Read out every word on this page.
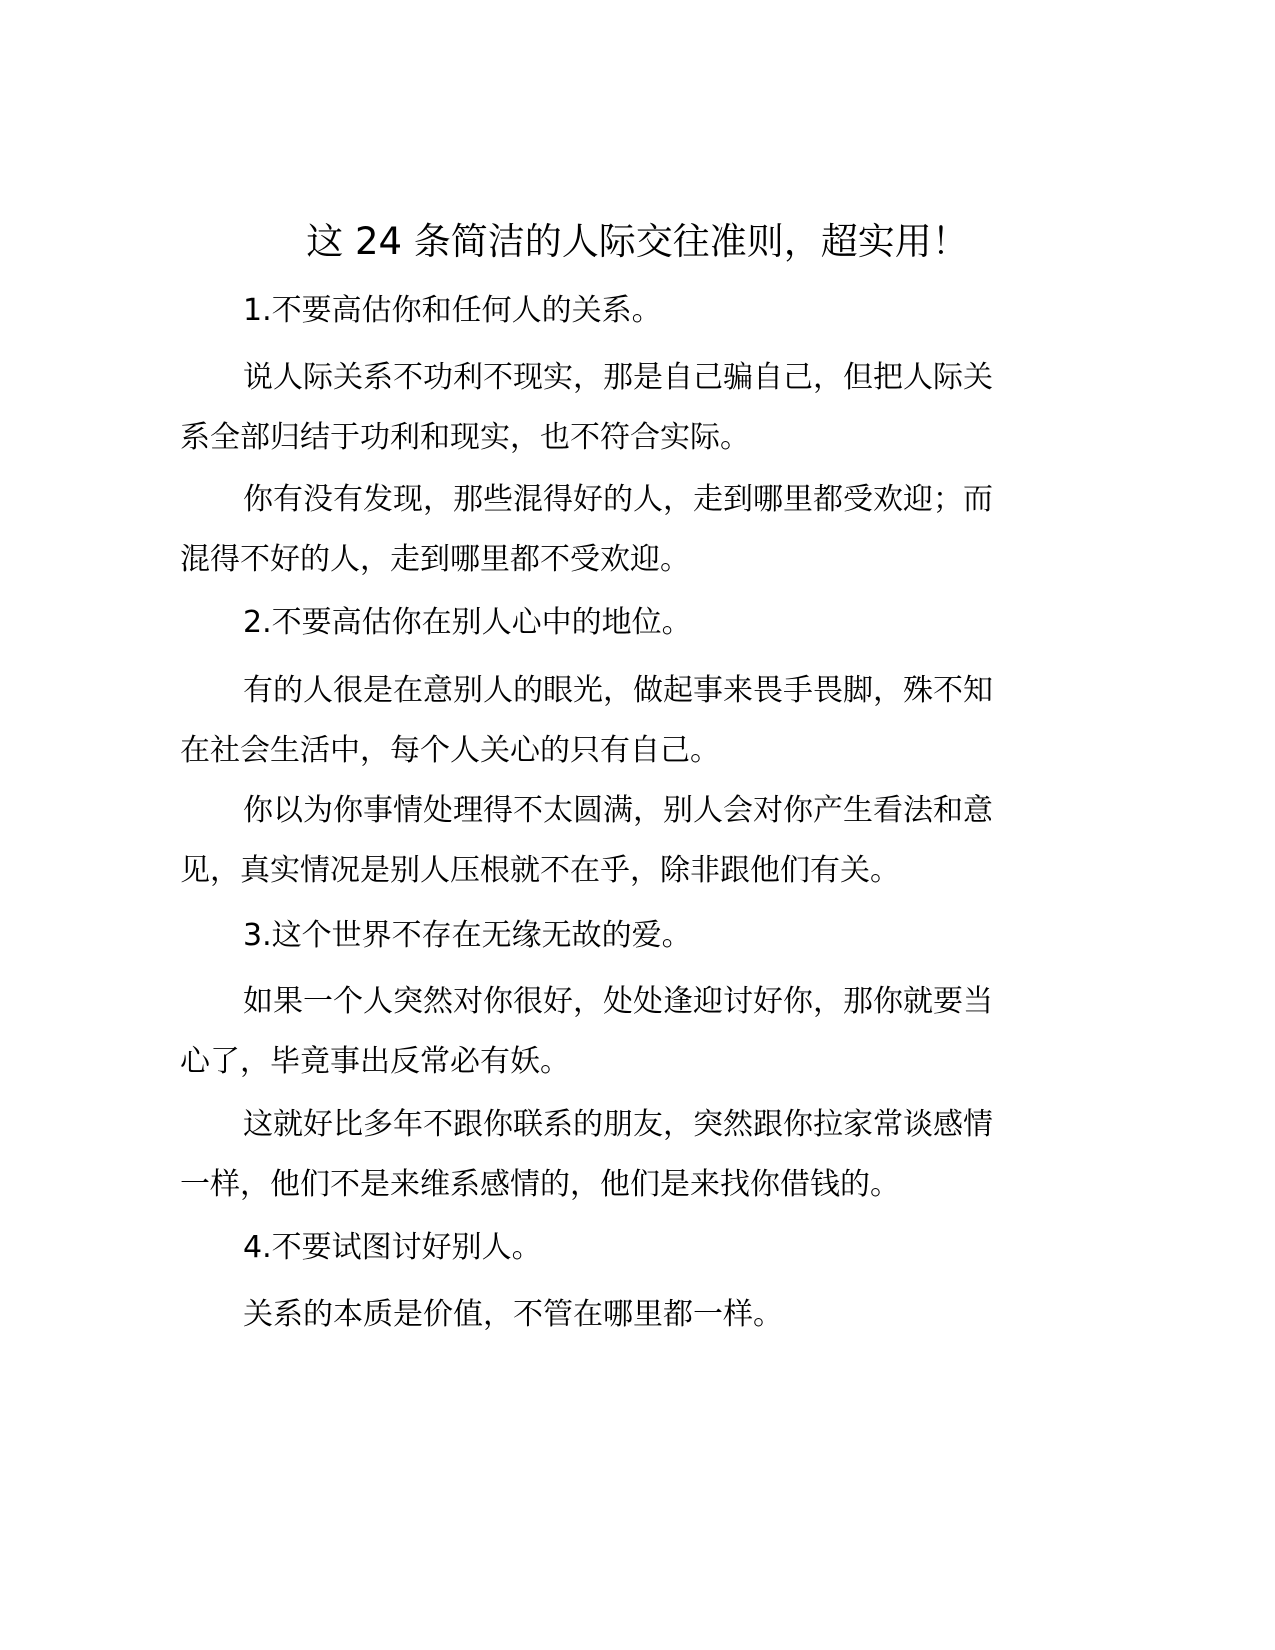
这 24 条简洁的人际交往准则，超实用！
1.不要高估你和任何人的关系。
说人际关系不功利不现实，那是自己骗自己，但把人际关
系全部归结于功利和现实，也不符合实际。
你有没有发现，那些混得好的人，走到哪里都受欢迎；而
混得不好的人，走到哪里都不受欢迎。
2.不要高估你在别人心中的地位。
有的人很是在意别人的眼光，做起事来畏手畏脚，殊不知
在社会生活中，每个人关心的只有自己。
你以为你事情处理得不太圆满，别人会对你产生看法和意
见，真实情况是别人压根就不在乎，除非跟他们有关。
3.这个世界不存在无缘无故的爱。
如果一个人突然对你很好，处处逢迎讨好你，那你就要当
心了，毕竟事出反常必有妖。
这就好比多年不跟你联系的朋友，突然跟你拉家常谈感情
一样，他们不是来维系感情的，他们是来找你借钱的。
4.不要试图讨好别人。
关系的本质是价值，不管在哪里都一样。
